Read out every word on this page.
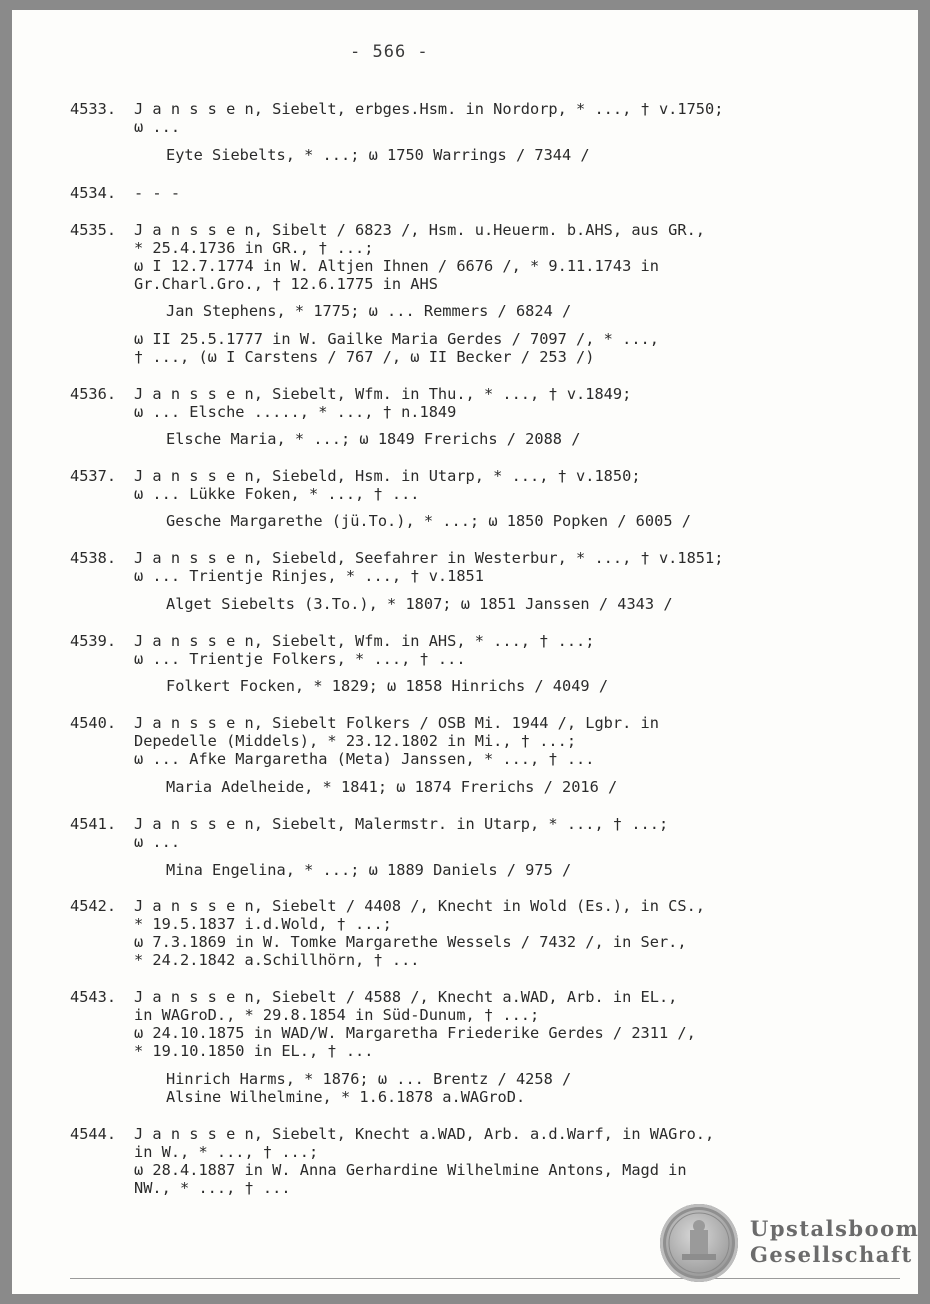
- 566 -
4533. J a n s s e n, Siebelt, erbges.Hsm. in Nordorp, * ..., † v.1750;
ω ...
Eyte Siebelts, * ...; ω 1750 Warrings / 7344 /
4534. - - -
4535. J a n s s e n, Sibelt / 6823 /, Hsm. u.Heuerm. b.AHS, aus GR.,
* 25.4.1736 in GR., † ...;
ω I 12.7.1774 in W. Altjen Ihnen / 6676 /, * 9.11.1743 in
Gr.Charl.Gro., † 12.6.1775 in AHS
Jan Stephens, * 1775; ω ... Remmers / 6824 /
ω II 25.5.1777 in W. Gailke Maria Gerdes / 7097 /, * ...,
† ..., (ω I Carstens / 767 /, ω II Becker / 253 /)
4536. J a n s s e n, Siebelt, Wfm. in Thu., * ..., † v.1849;
ω ... Elsche ....., * ..., † n.1849
Elsche Maria, * ...; ω 1849 Frerichs / 2088 /
4537. J a n s s e n, Siebeld, Hsm. in Utarp, * ..., † v.1850;
ω ... Lükke Foken, * ..., † ...
Gesche Margarethe (jü.To.), * ...; ω 1850 Popken / 6005 /
4538. J a n s s e n, Siebeld, Seefahrer in Westerbur, * ..., † v.1851;
ω ... Trientje Rinjes, * ..., † v.1851
Alget Siebelts (3.To.), * 1807; ω 1851 Janssen / 4343 /
4539. J a n s s e n, Siebelt, Wfm. in AHS, * ..., † ...;
ω ... Trientje Folkers, * ..., † ...
Folkert Focken, * 1829; ω 1858 Hinrichs / 4049 /
4540. J a n s s e n, Siebelt Folkers / OSB Mi. 1944 /, Lgbr. in
Depedelle (Middels), * 23.12.1802 in Mi., † ...;
ω ... Afke Margaretha (Meta) Janssen, * ..., † ...
Maria Adelheide, * 1841; ω 1874 Frerichs / 2016 /
4541. J a n s s e n, Siebelt, Malermstr. in Utarp, * ..., † ...;
ω ...
Mina Engelina, * ...; ω 1889 Daniels / 975 /
4542. J a n s s e n, Siebelt / 4408 /, Knecht in Wold (Es.), in CS.,
* 19.5.1837 i.d.Wold, † ...;
ω 7.3.1869 in W. Tomke Margarethe Wessels / 7432 /, in Ser.,
* 24.2.1842 a.Schillhörn, † ...
4543. J a n s s e n, Siebelt / 4588 /, Knecht a.WAD, Arb. in EL.,
in WAGroD., * 29.8.1854 in Süd-Dunum, † ...;
ω 24.10.1875 in WAD/W. Margaretha Friederike Gerdes / 2311 /,
* 19.10.1850 in EL., † ...
Hinrich Harms, * 1876; ω ... Brentz / 4258 /
Alsine Wilhelmine, * 1.6.1878 a.WAGroD.
4544. J a n s s e n, Siebelt, Knecht a.WAD, Arb. a.d.Warf, in WAGro.,
in W., * ..., † ...;
ω 28.4.1887 in W. Anna Gerhardine Wilhelmine Antons, Magd in
NW., * ..., † ...
Upstalsboom
Gesellschaft
